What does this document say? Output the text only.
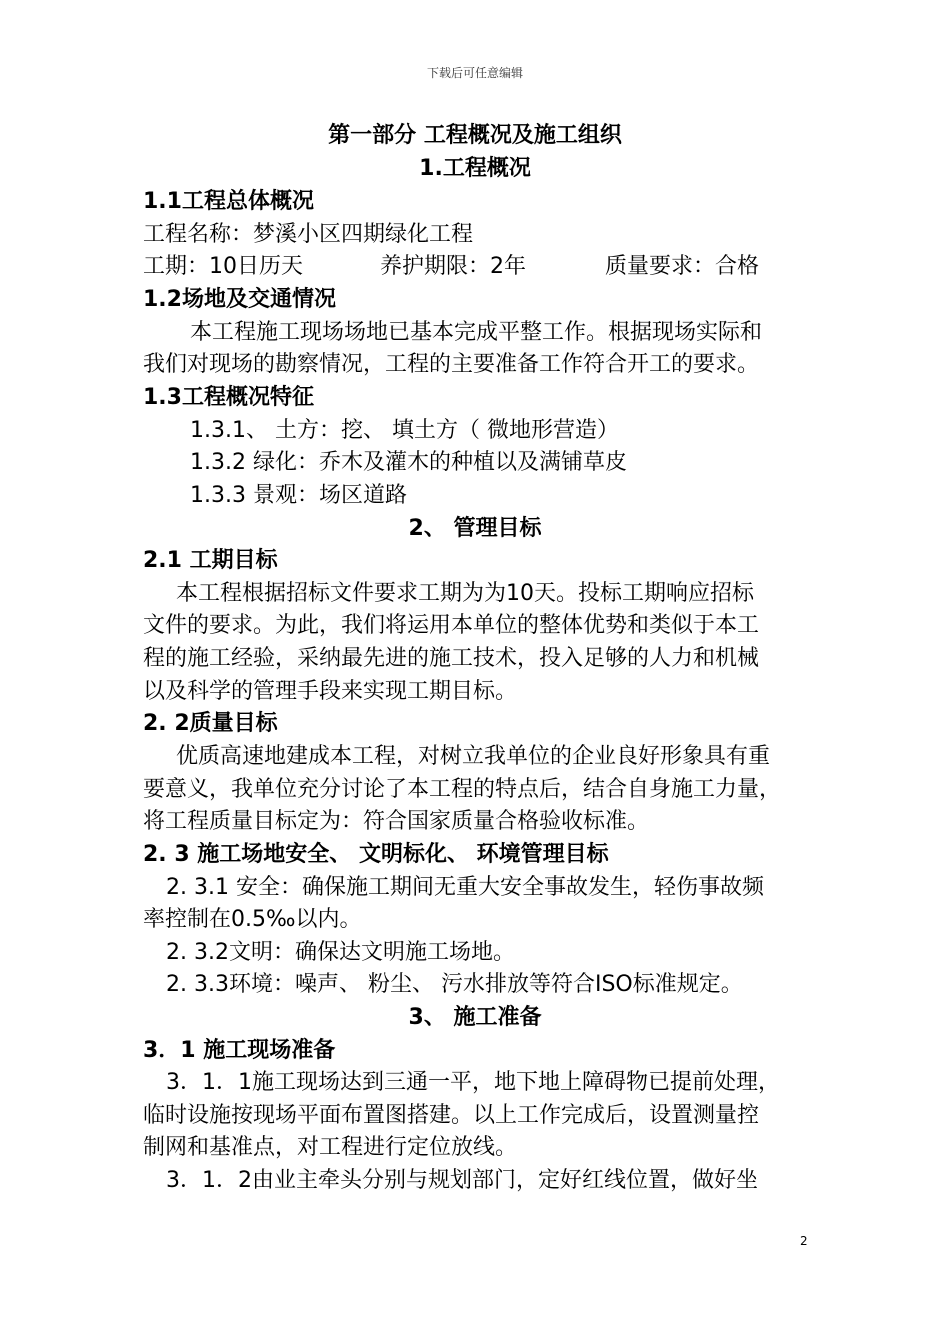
下载后可任意编辑
第一部分 工程概况及施工组织
1.工程概况
1.1工程总体概况
工程名称：梦溪小区四期绿化工程
工期：10日历天	养护期限：2年	质量要求：合格
1.2场地及交通情况
本工程施工现场场地已基本完成平整工作。根据现场实际和
我们对现场的勘察情况，工程的主要准备工作符合开工的要求。
1.3工程概况特征
1.3.1、 土方：挖、 填土方（ 微地形营造）
1.3.2 绿化：乔木及灌木的种植以及满铺草皮
1.3.3 景观：场区道路
2、 管理目标
2.1 工期目标
本工程根据招标文件要求工期为为10天。投标工期响应招标
文件的要求。为此，我们将运用本单位的整体优势和类似于本工
程的施工经验，采纳最先进的施工技术，投入足够的人力和机械
以及科学的管理手段来实现工期目标。
2. 2质量目标
优质高速地建成本工程，对树立我单位的企业良好形象具有重
要意义，我单位充分讨论了本工程的特点后，结合自身施工力量，
将工程质量目标定为：符合国家质量合格验收标准。
2. 3 施工场地安全、 文明标化、 环境管理目标
2. 3.1 安全：确保施工期间无重大安全事故发生，轻伤事故频
率控制在0.5‰以内。
2. 3.2文明：确保达文明施工场地。
2. 3.3环境：噪声、 粉尘、 污水排放等符合ISO标准规定。
3、 施工准备
3．1 施工现场准备
3．1．1施工现场达到三通一平，地下地上障碍物已提前处理，
临时设施按现场平面布置图搭建。以上工作完成后，设置测量控
制网和基准点，对工程进行定位放线。
3．1．2由业主牵头分别与规划部门，定好红线位置，做好坐
2
